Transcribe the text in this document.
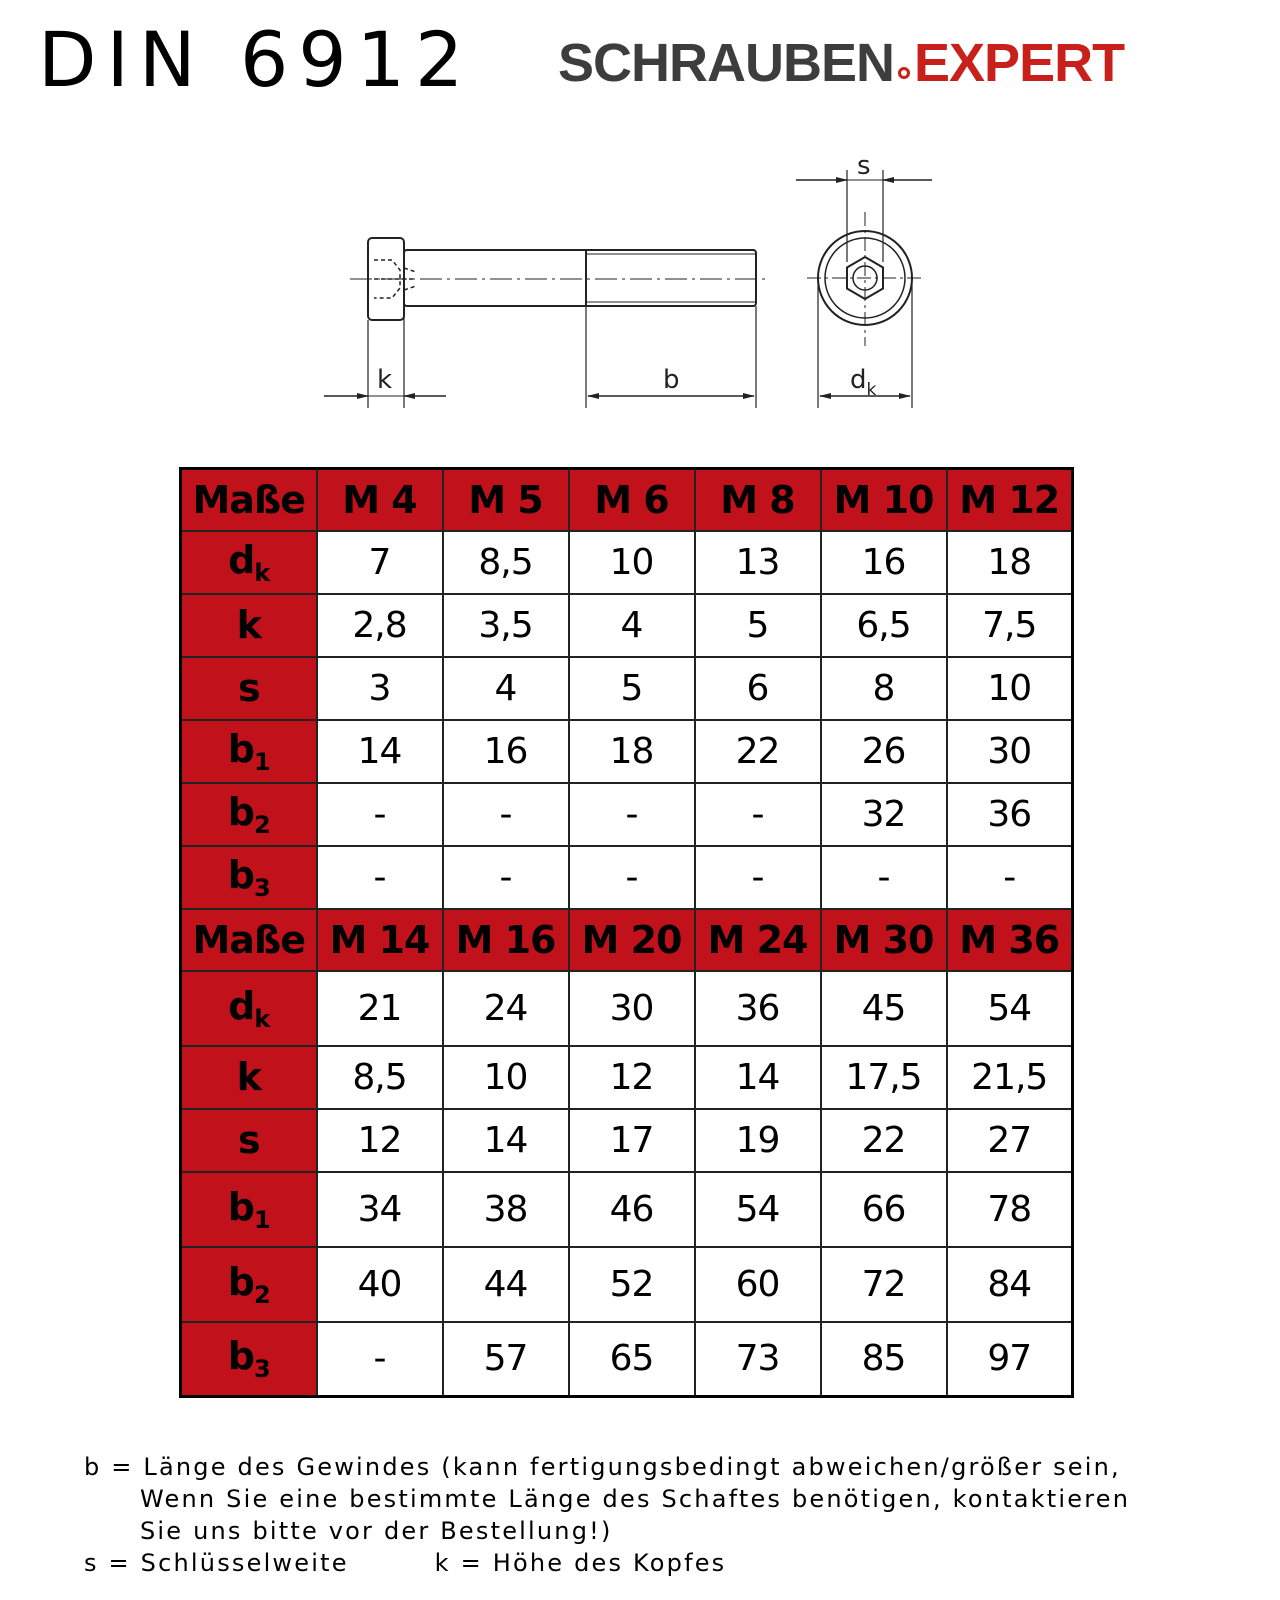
DIN 6912 SCHRAUBEN EXPERT
k	b
s
$d_k$
Maße	M 4	M 5	M 6	M 8	M 10	M 12
$d_k$	7	8,5	10	13	16	18
k	2,8	3,5	4	5	6,5	7,5
s	3	4	5	6	8	10
$b_1$	14	16	18	22	26	30
$b_2$	-	-	-	-	32	36
$b_3$	-	-	-	-	-	-
Maße	M 14	M 16	M 20	M 24	M 30	M 36
$d_k$	21	24	30	36	45	54
k	8,5	10	12	14	17,5	21,5
s	12	14	17	19	22	27
$b_1$	34	38	46	54	66	78
$b_2$	40	44	52	60	72	84
$b_3$	-	57	65	73	85	97
b = Länge des Gewindes (kann fertigungsbedingt abweichen/größer sein,
Wenn Sie eine bestimmte Länge des Schaftes benötigen, kontaktieren
Sie uns bitte vor der Bestellung!)
s = Schlüsselweite	k = Höhe des Kopfes
